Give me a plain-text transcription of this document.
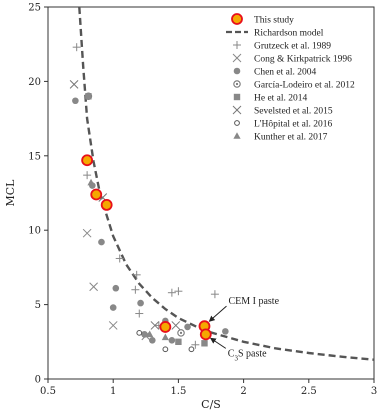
0.5	1	1.5	2	2.5	3
0
5
10
15
20
25
CEM I paste
$C_3S$ paste
This study
Richardson model
Grutzeck et al. 1989
Cong & Kirkpatrick 1996
Chen et al. 2004
García-Lodeiro et al. 2012
He et al. 2014
Sevelsted et al. 2015
L'Hôpital et al. 2016
Kunther et al. 2017
C/S
MCL
